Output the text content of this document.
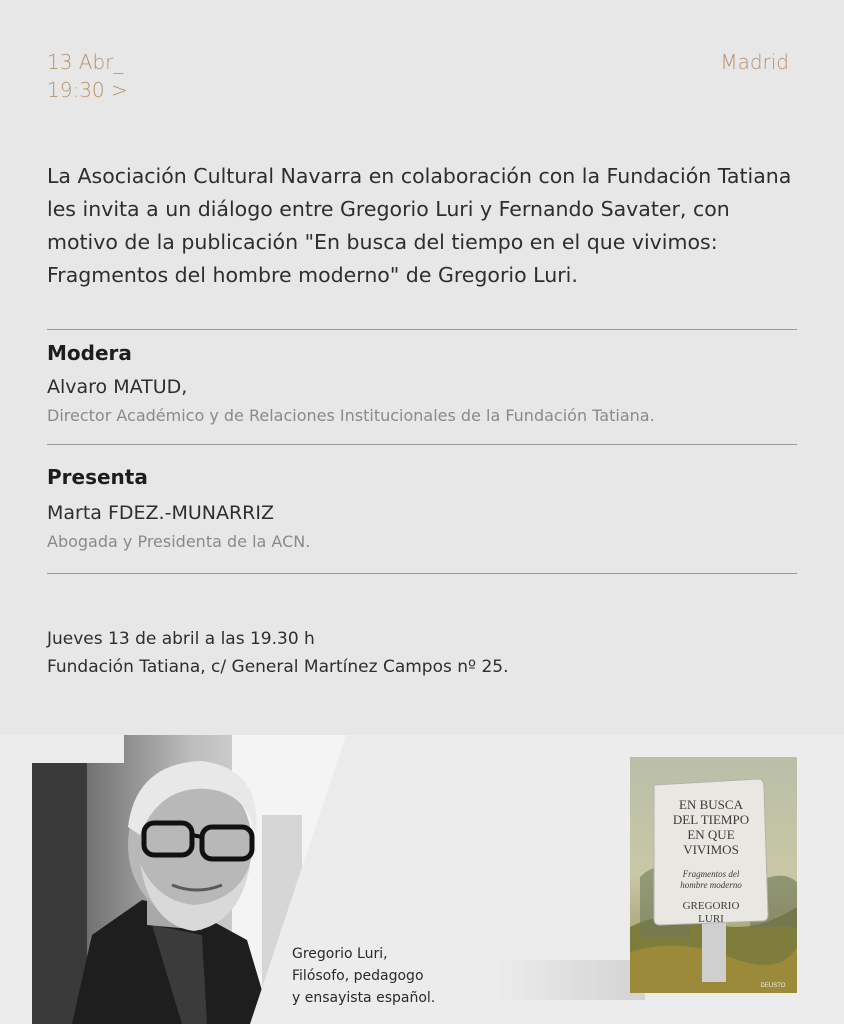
13 Abr_
19:30 >
Madrid
La Asociación Cultural Navarra en colaboración con la Fundación Tatiana les invita a un diálogo entre Gregorio Luri y Fernando Savater, con motivo de la publicación "En busca del tiempo en el que vivimos: Fragmentos del hombre moderno" de Gregorio Luri.
Modera
Alvaro MATUD,
Director Académico y de Relaciones Institucionales de la Fundación Tatiana.
Presenta
Marta FDEZ.-MUNARRIZ
Abogada y Presidenta de la ACN.
Jueves 13 de abril a las 19.30 h
Fundación Tatiana, c/ General Martínez Campos nº 25.
Gregorio Luri,
Filósofo, pedagogo
y ensayista español.
EN BUSCA
DEL TIEMPO
EN QUE
VIVIMOS
Fragmentos del
hombre moderno
GREGORIO
LURI
DEUSTO
